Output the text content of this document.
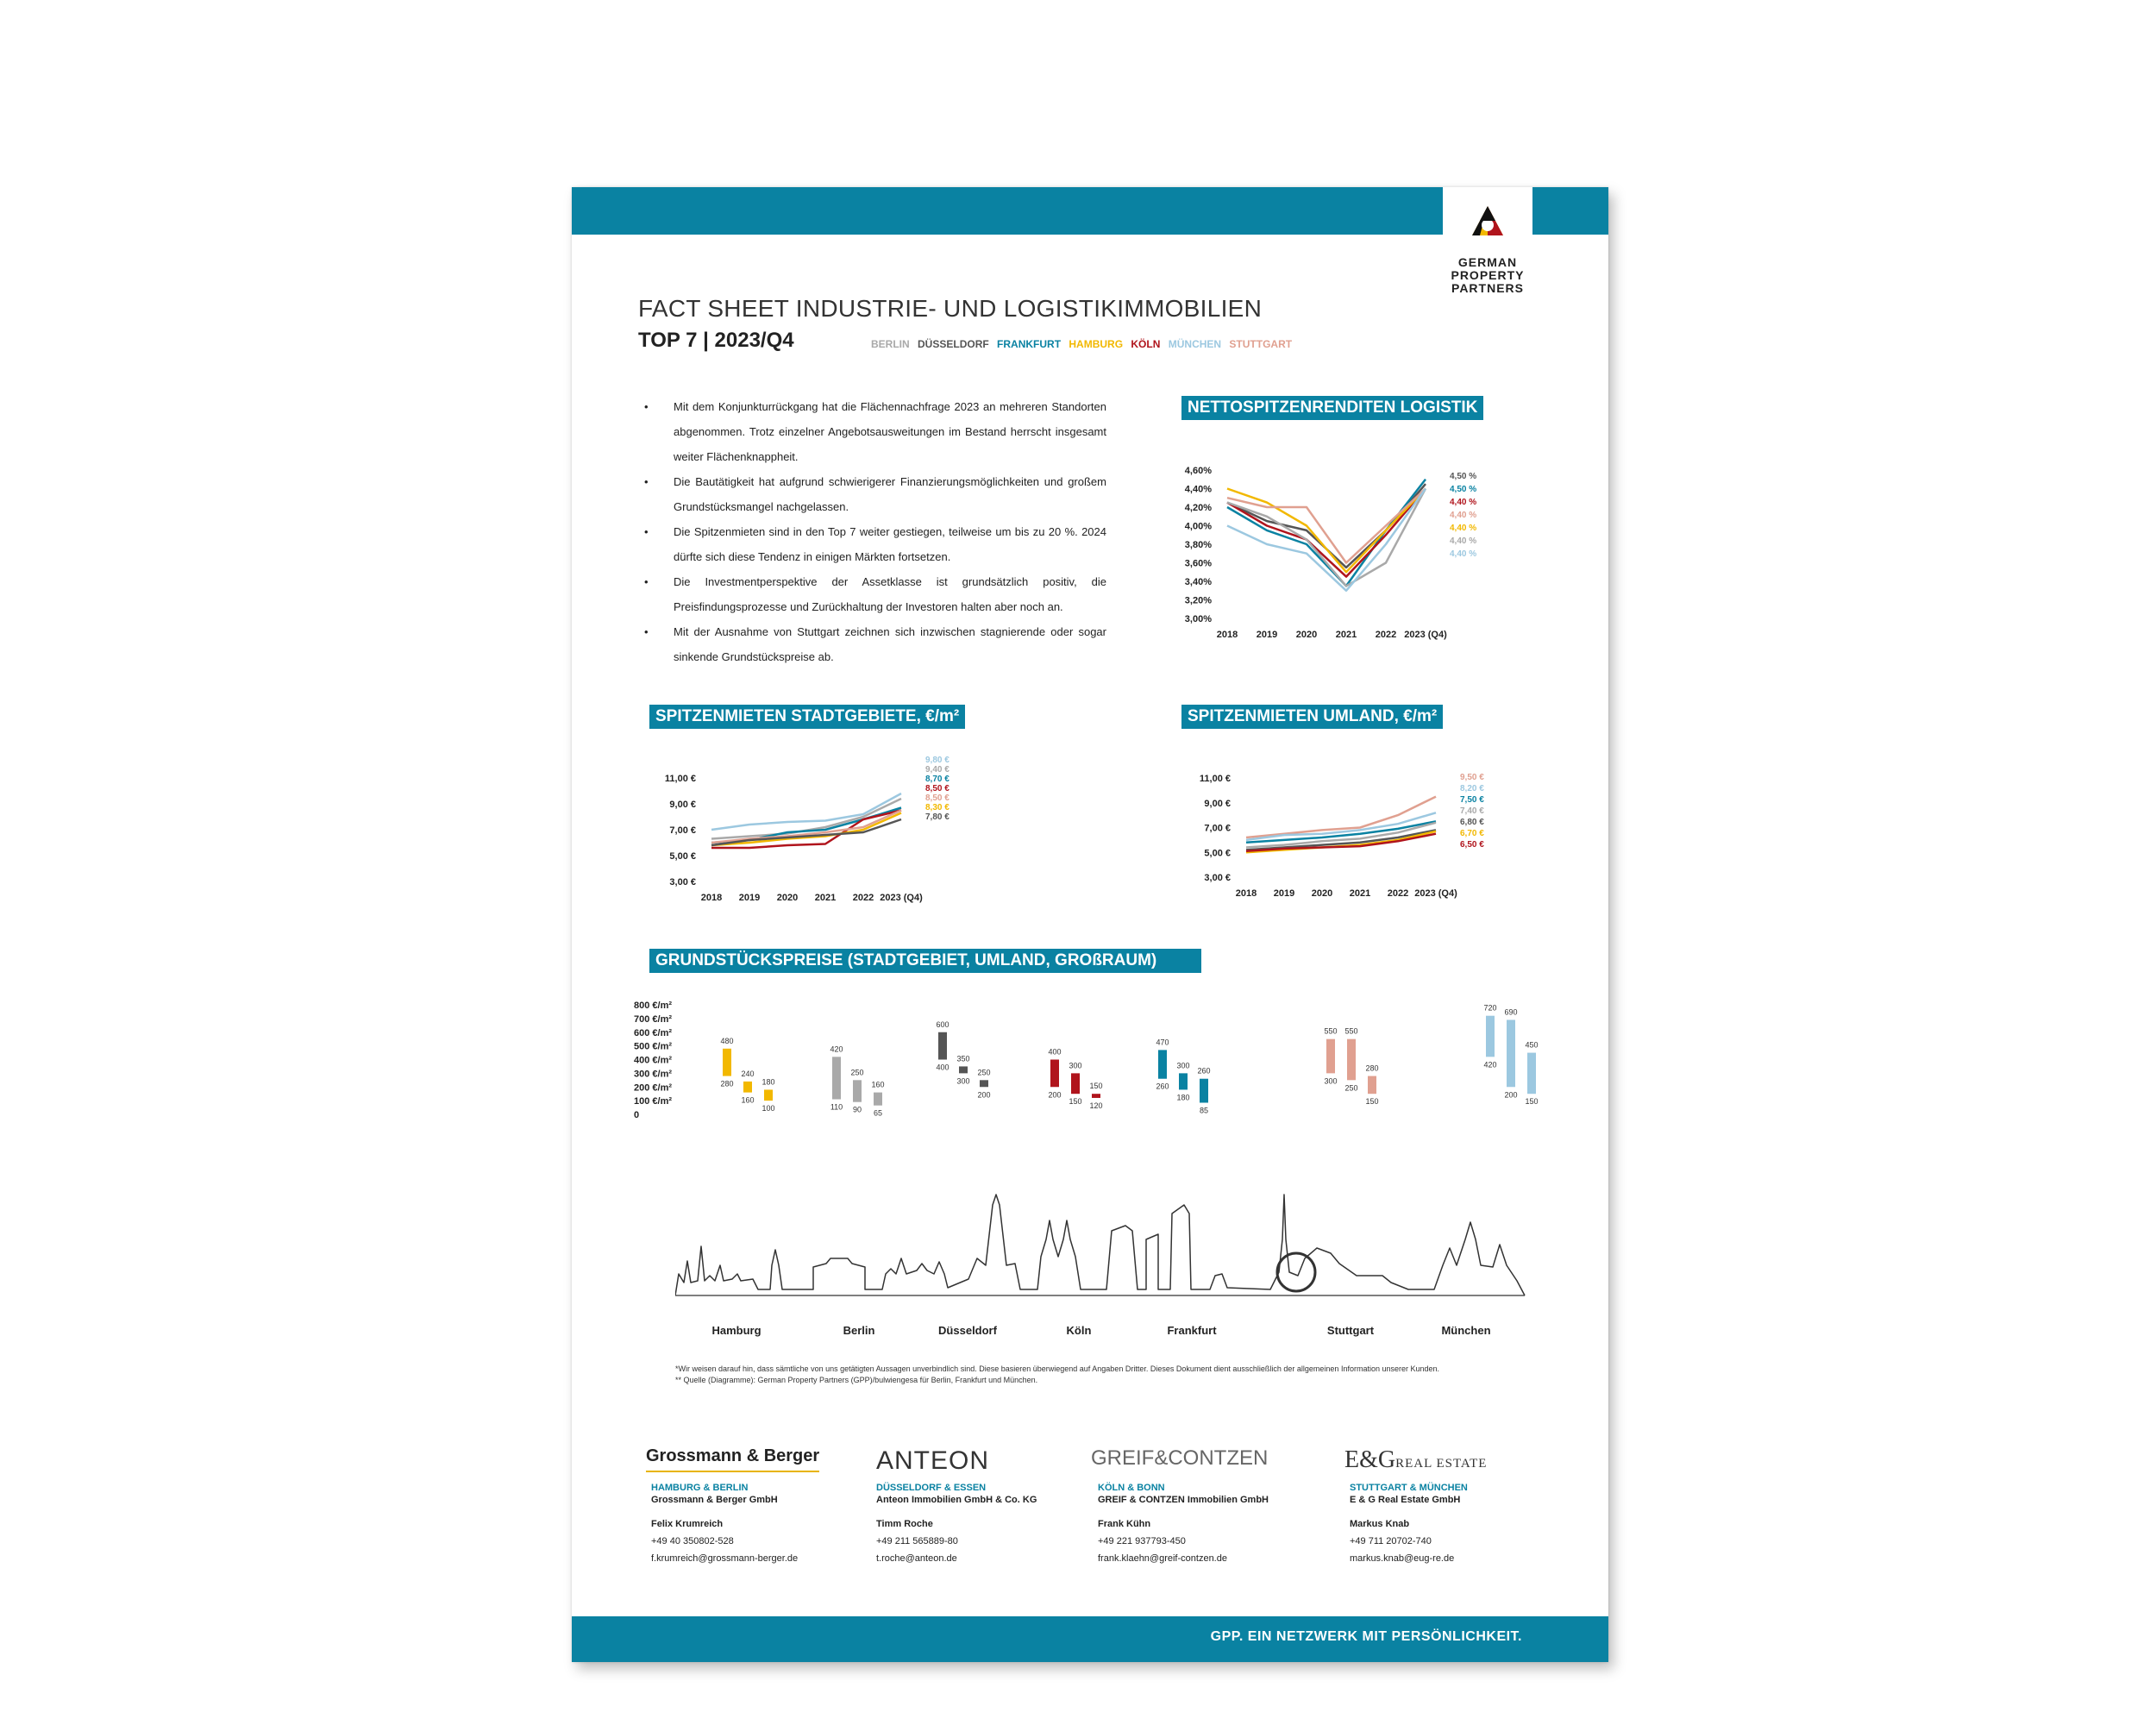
GERMAN
PROPERTY
PARTNERS
FACT SHEET INDUSTRIE- UND LOGISTIKIMMOBILIEN
TOP 7 | 2023/Q4	BERLIN DÜSSELDORF FRANKFURT HAMBURG KÖLN MÜNCHEN STUTTGART
• Mit dem Konjunkturrückgang hat die Flächennachfrage 2023 an mehreren Standorten abgenommen. Trotz einzelner Angebotsausweitungen im Bestand herrscht insgesamt weiter Flächenknappheit.
• Die Bautätigkeit hat aufgrund schwierigerer Finanzierungsmöglichkeiten und großem Grundstücksmangel nachgelassen.
• Die Spitzenmieten sind in den Top 7 weiter gestiegen, teilweise um bis zu 20 %. 2024 dürfte sich diese Tendenz in einigen Märkten fortsetzen.
• Die Investmentperspektive der Assetklasse ist grundsätzlich positiv, die Preisfindungsprozesse und Zurückhaltung der Investoren halten aber noch an.
• Mit der Ausnahme von Stuttgart zeichnen sich inzwischen stagnierende oder sogar sinkende Grundstückspreise ab.
NETTOSPITZENRENDITEN LOGISTIK
SPITZENMIETEN STADTGEBIETE, €/m²	SPITZENMIETEN UMLAND, €/m²
GRUNDSTÜCKSPREISE (STADTGEBIET, UMLAND, GROßRAUM)
4,60%
4,40%
4,20%
4,00%
3,80%
3,60%
3,40%
3,20%
3,00%
2018 2019 2020 2021 2022 2023 (Q4)
4,50 %
4,50 %
4,40 %
4,40 %
4,40 %
4,40 %
4,40 %
11,00 €
9,00 €
7,00 €
5,00 €
3,00 €
2018 2019 2020 2021 2022 2023 (Q4)
9,80 €
9,40 €
8,70 €
8,50 €
8,50 €
8,30 €
7,80 €
11,00 €
9,00 €
7,00 €
5,00 €
3,00 €
2018 2019 2020 2021 2022 2023 (Q4)
9,50 €
8,20 €
7,50 €
7,40 €
6,80 €
6,70 €
6,50 €
800 €/m²
700 €/m²
600 €/m²
500 €/m²
400 €/m²
300 €/m²
200 €/m²
100 €/m²
0
480
280
240
160
180
100
420
110
250
90
160
65
600
400
350
300
250
200
400
200
300
150
150
120
470
260
300
180
260
85
550
300
550
250
280
150
720
420
690
200
450
150
Hamburg	Berlin	Düsseldorf	Köln	Frankfurt	Stuttgart	München
*Wir weisen darauf hin, dass sämtliche von uns getätigten Aussagen unverbindlich sind. Diese basieren überwiegend auf Angaben Dritter. Dieses Dokument dient ausschließlich der allgemeinen Information unserer Kunden.
** Quelle (Diagramme): German Property Partners (GPP)/bulwiengesa für Berlin, Frankfurt und München.
Grossmann & Berger
HAMBURG & BERLIN
Grossmann & Berger GmbH
Felix Krumreich
+49 40 350802-528
f.krumreich@grossmann-berger.de
ANTEON
DÜSSELDORF & ESSEN
Anteon Immobilien GmbH & Co. KG
Timm Roche
+49 211 565889-80
t.roche@anteon.de
GREIF&CONTZEN
KÖLN & BONN
GREIF & CONTZEN Immobilien GmbH
Frank Kühn
+49 221 937793-450
frank.klaehn@greif-contzen.de
E&GREAL ESTATE
STUTTGART & MÜNCHEN
E & G Real Estate GmbH
Markus Knab
+49 711 20702-740
markus.knab@eug-re.de
GPP. EIN NETZWERK MIT PERSÖNLICHKEIT.
